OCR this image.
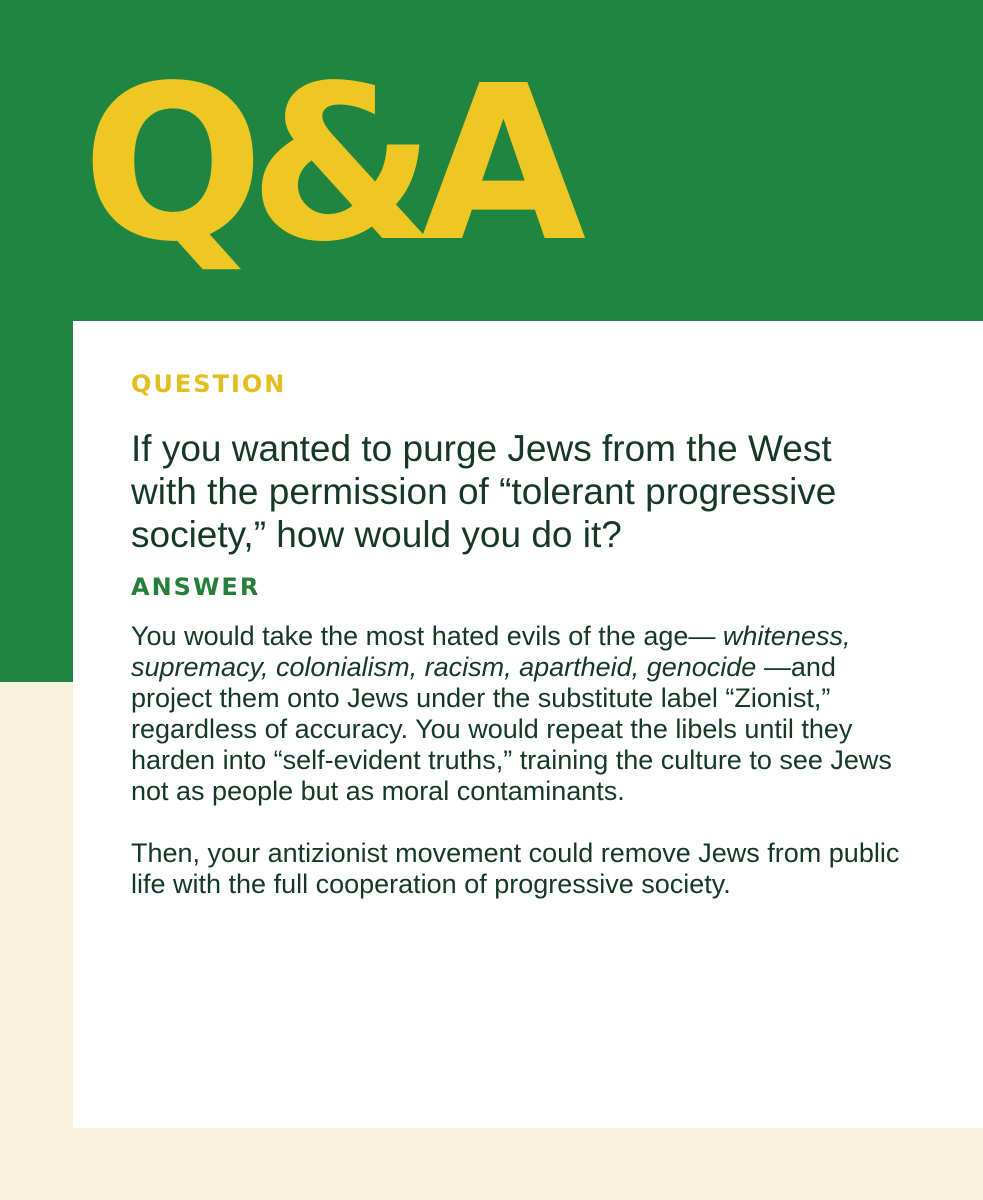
Q&A
QUESTION

If you wanted to purge Jews from the West with the permission of “tolerant progressive society,” how would you do it?

ANSWER

You would take the most hated evils of the age— whiteness, supremacy, colonialism, racism, apartheid, genocide —and project them onto Jews under the substitute label “Zionist,” regardless of accuracy. You would repeat the libels until they harden into “self-evident truths,” training the culture to see Jews not as people but as moral contaminants.

Then, your antizionist movement could remove Jews from public life with the full cooperation of progressive society.
